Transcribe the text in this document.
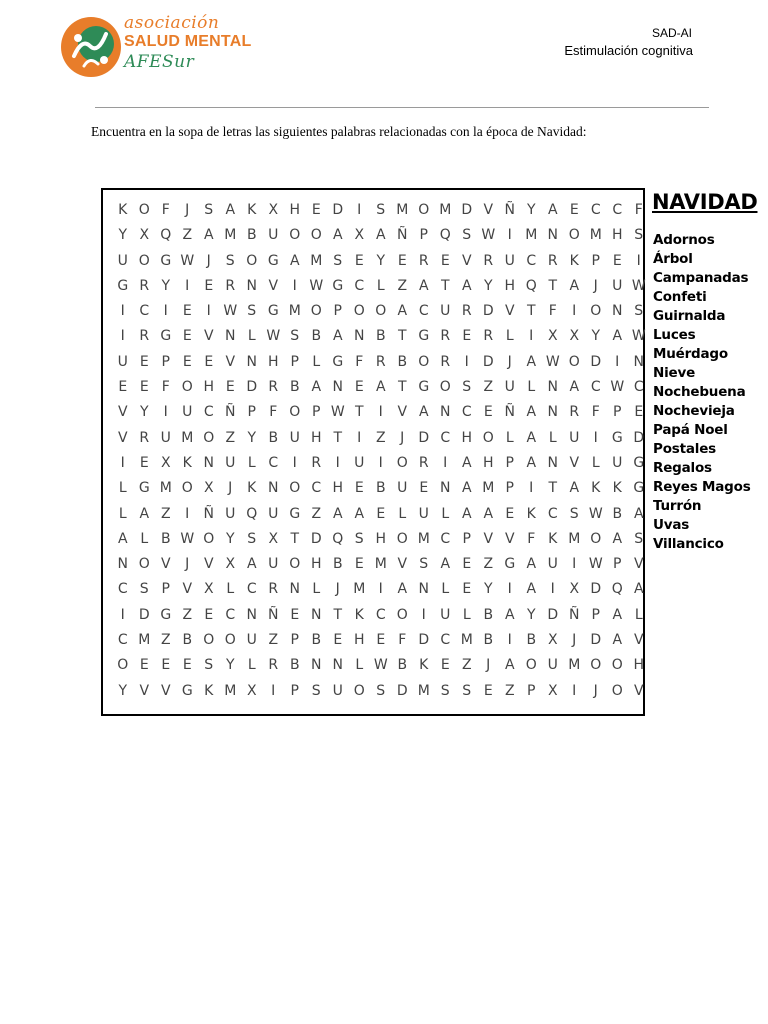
asociación
SALUD MENTAL
AFESur
SAD-AI
Estimulación cognitiva
Encuentra en la sopa de letras las siguientes palabras relacionadas con la época de Navidad:
K O F	J	S A K X H E D	I	S M O M D V Ñ Y A E C C F
Y X Q Z A M B U O O A X A Ñ P Q S W I M N O M H S
U O G W J	S O G A M S E Y E R E V R U C R K P E	I
G R Y	I	E R N V	I W G C L Z A T A Y H Q T A	J	U W
I	C	I	E	I W S G M O P O O A C U R D V T F	I O N S
I	R G E V N L W S B A N B T G R E R L	I	X X Y A W
U E P E E V N H P L G F R B O R	I	D	J	A W O D	I	N
E E F O H E D R B A N E A T G O S Z U L N A C W C
V Y	I	U C Ñ P F O P W T	I	V A N C E Ñ A N R F P E
V R U M O Z Y B U H T	I	Z	J	D C H O L A L U	I	G D
I	E X K N U L C	I	R	I	U	I O R	I	A H P A N V L U G
L G M O X	J	K N O C H E B U E N A M P	I	T A K K G
L A Z	I	Ñ U Q U G Z A A E L U L A A E K C S W B A
A L B W O Y S X T D Q S H O M C P V V F K M O A S
N O V	J	V X A U O H B E M V S A E Z G A U	I W P V
C S P V X L C R N L	J M I	A N L E Y	I	A	I	X D Q A
I	D G Z E C N Ñ E N T K C O I	U L B A Y D Ñ P A L
C M Z B O O U Z P B E H E F D C M B	I	B X	J	D A V
O E E E S Y L R B N N L W B K E Z	J	A O U M O O H
Y V V G K M X	I	P S U O S D M S S E Z P X	I	J O V
NAVIDAD
Adornos
Árbol
Campanadas
Confeti
Guirnalda
Luces
Muérdago
Nieve
Nochebuena
Nochevieja
Papá Noel
Postales
Regalos
Reyes Magos
Turrón
Uvas
Villancico
